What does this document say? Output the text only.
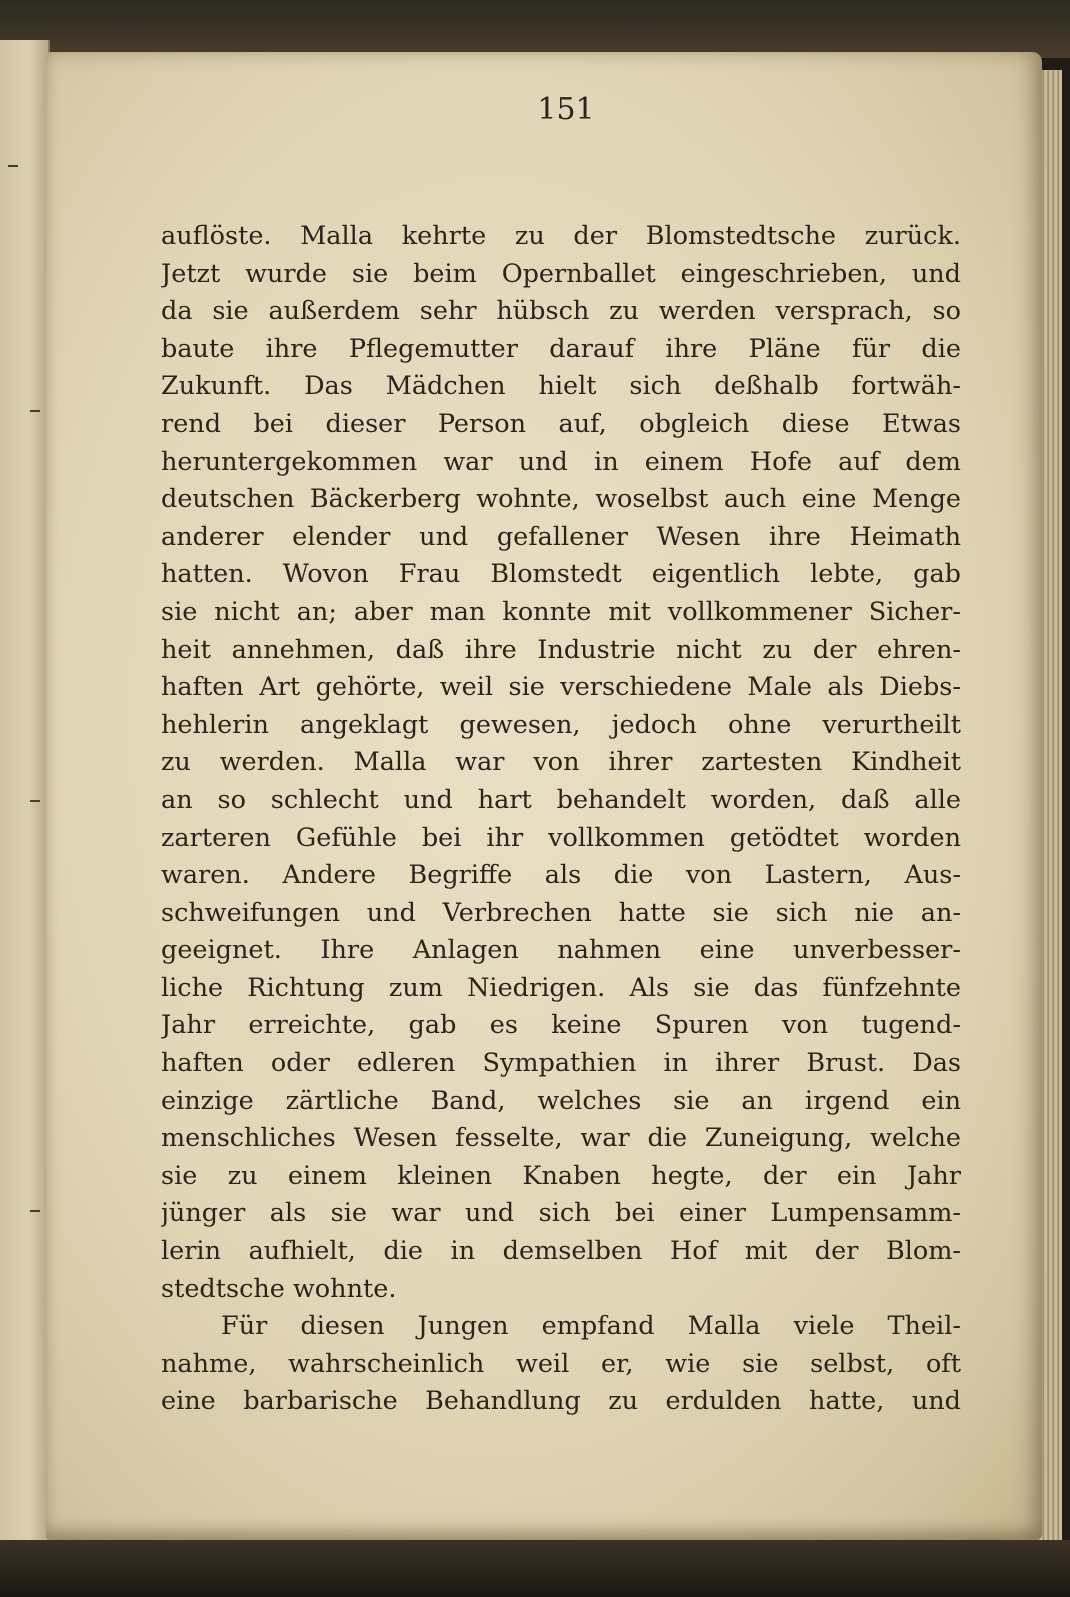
151

auflöste. Malla kehrte zu der Blomstedtsche zurück.
Jetzt wurde sie beim Opernballet eingeschrieben, und
da sie außerdem sehr hübsch zu werden versprach, so
baute ihre Pflegemutter darauf ihre Pläne für die
Zukunft. Das Mädchen hielt sich deßhalb fortwäh-
rend bei dieser Person auf, obgleich diese Etwas
heruntergekommen war und in einem Hofe auf dem
deutschen Bäckerberg wohnte, woselbst auch eine Menge
anderer elender und gefallener Wesen ihre Heimath
hatten. Wovon Frau Blomstedt eigentlich lebte, gab
sie nicht an; aber man konnte mit vollkommener Sicher-
heit annehmen, daß ihre Industrie nicht zu der ehren-
haften Art gehörte, weil sie verschiedene Male als Diebs-
hehlerin angeklagt gewesen, jedoch ohne verurtheilt
zu werden. Malla war von ihrer zartesten Kindheit
an so schlecht und hart behandelt worden, daß alle
zarteren Gefühle bei ihr vollkommen getödtet worden
waren. Andere Begriffe als die von Lastern, Aus-
schweifungen und Verbrechen hatte sie sich nie an-
geeignet. Ihre Anlagen nahmen eine unverbesser-
liche Richtung zum Niedrigen. Als sie das fünfzehnte
Jahr erreichte, gab es keine Spuren von tugend-
haften oder edleren Sympathien in ihrer Brust. Das
einzige zärtliche Band, welches sie an irgend ein
menschliches Wesen fesselte, war die Zuneigung, welche
sie zu einem kleinen Knaben hegte, der ein Jahr
jünger als sie war und sich bei einer Lumpensamm-
lerin aufhielt, die in demselben Hof mit der Blom-
stedtsche wohnte.
Für diesen Jungen empfand Malla viele Theil-
nahme, wahrscheinlich weil er, wie sie selbst, oft
eine barbarische Behandlung zu erdulden hatte, und
